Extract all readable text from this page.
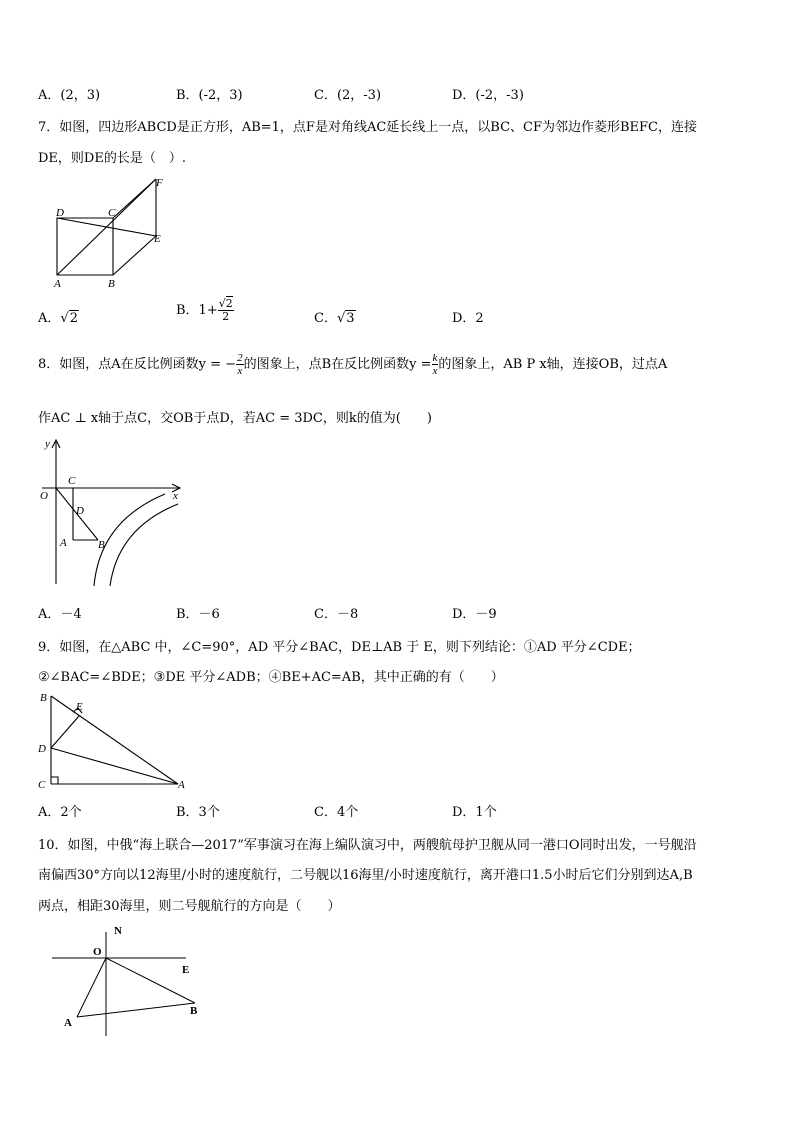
A．(2，3)	B．(-2，3)	C．(2，-3)	D．(-2，-3)
7．如图，四边形ABCD是正方形，AB=1，点F是对角线AC延长线上一点，以BC、CF为邻边作菱形BEFC，连接
DE，则DE的长是（　）.
D	C
F
E
A	B
A．√2
B．$1+ \frac{√2}{2}$	C．√3	D．2
8．如图，点A在反比例函数y = − $\frac{2}{x}$ 的图象上，点B在反比例函数$y = \frac{k}{x}$ 的图象上，AB P x轴，连接OB，过点A
作AC ⊥ x轴于点C，交OB于点D，若AC = 3DC，则k的值为(　　)
y
x
O
C
D
A	B
A．－4	B．－6	C．－8	D．－9
9．如图，在△ABC 中，∠C=90°，AD 平分∠BAC，DE⊥AB 于 E，则下列结论：①AD 平分∠CDE；
②∠BAC=∠BDE；③DE 平分∠ADB；④BE+AC=AB，其中正确的有（　　）
B
E
D
C	A
A．2个	B．3个	C．4个	D．1个
10．如图，中俄“海上联合—2017”军事演习在海上编队演习中，两艘航母护卫舰从同一港口O同时出发，一号舰沿
南偏西30°方向以12海里/小时的速度航行，二号舰以16海里/小时速度航行，离开港口1.5小时后它们分别到达A,B
两点，相距30海里，则二号舰航行的方向是（　　）
N
O
E
A
B
